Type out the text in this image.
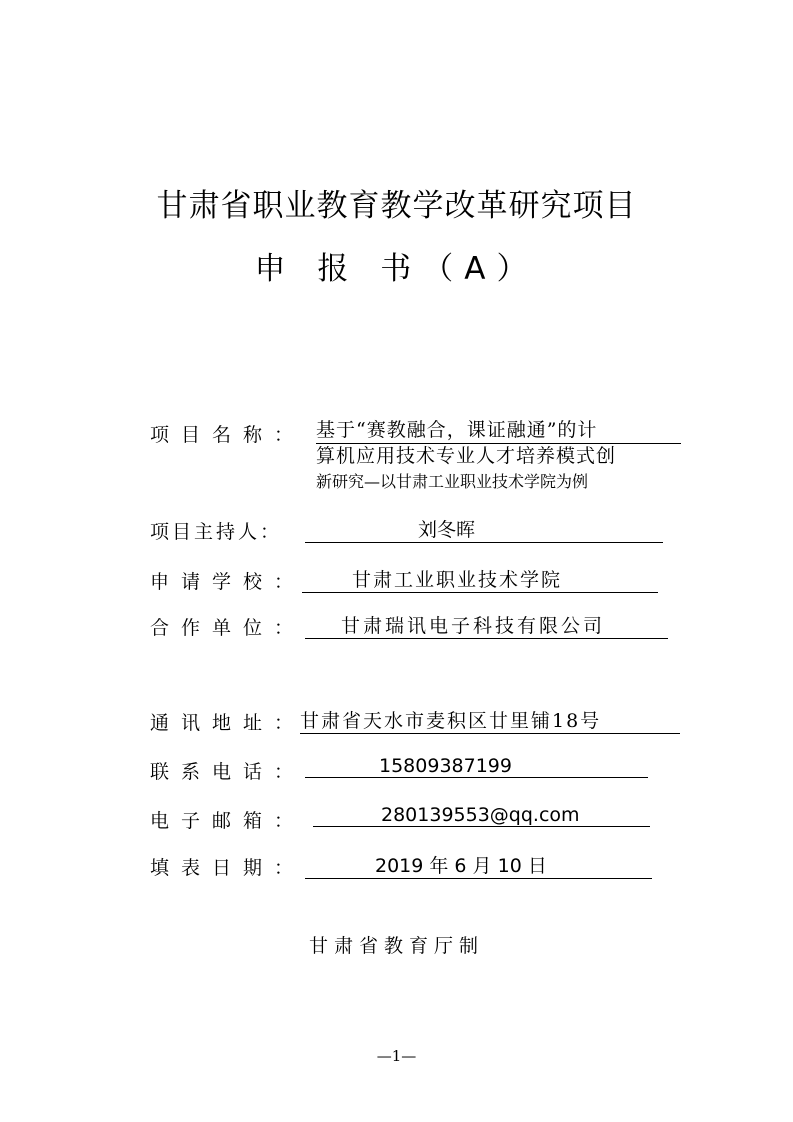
甘肃省职业教育教学改革研究项目
申 报 书（A）
项目名称： 基于“赛教融合，课证融通”的计
算机应用技术专业人才培养模式创
新研究—以甘肃工业职业技术学院为例
项目主持人：	刘冬晖
申请学校：	甘肃工业职业技术学院
合作单位：	甘肃瑞讯电子科技有限公司
通讯地址：
甘肃省天水市麦积区廿里铺18号
联系电话：	15809387199
电子邮箱：	280139553@qq.com
填表日期：	2019 年 6 月 10 日
甘肃省教育厅制
—1—
